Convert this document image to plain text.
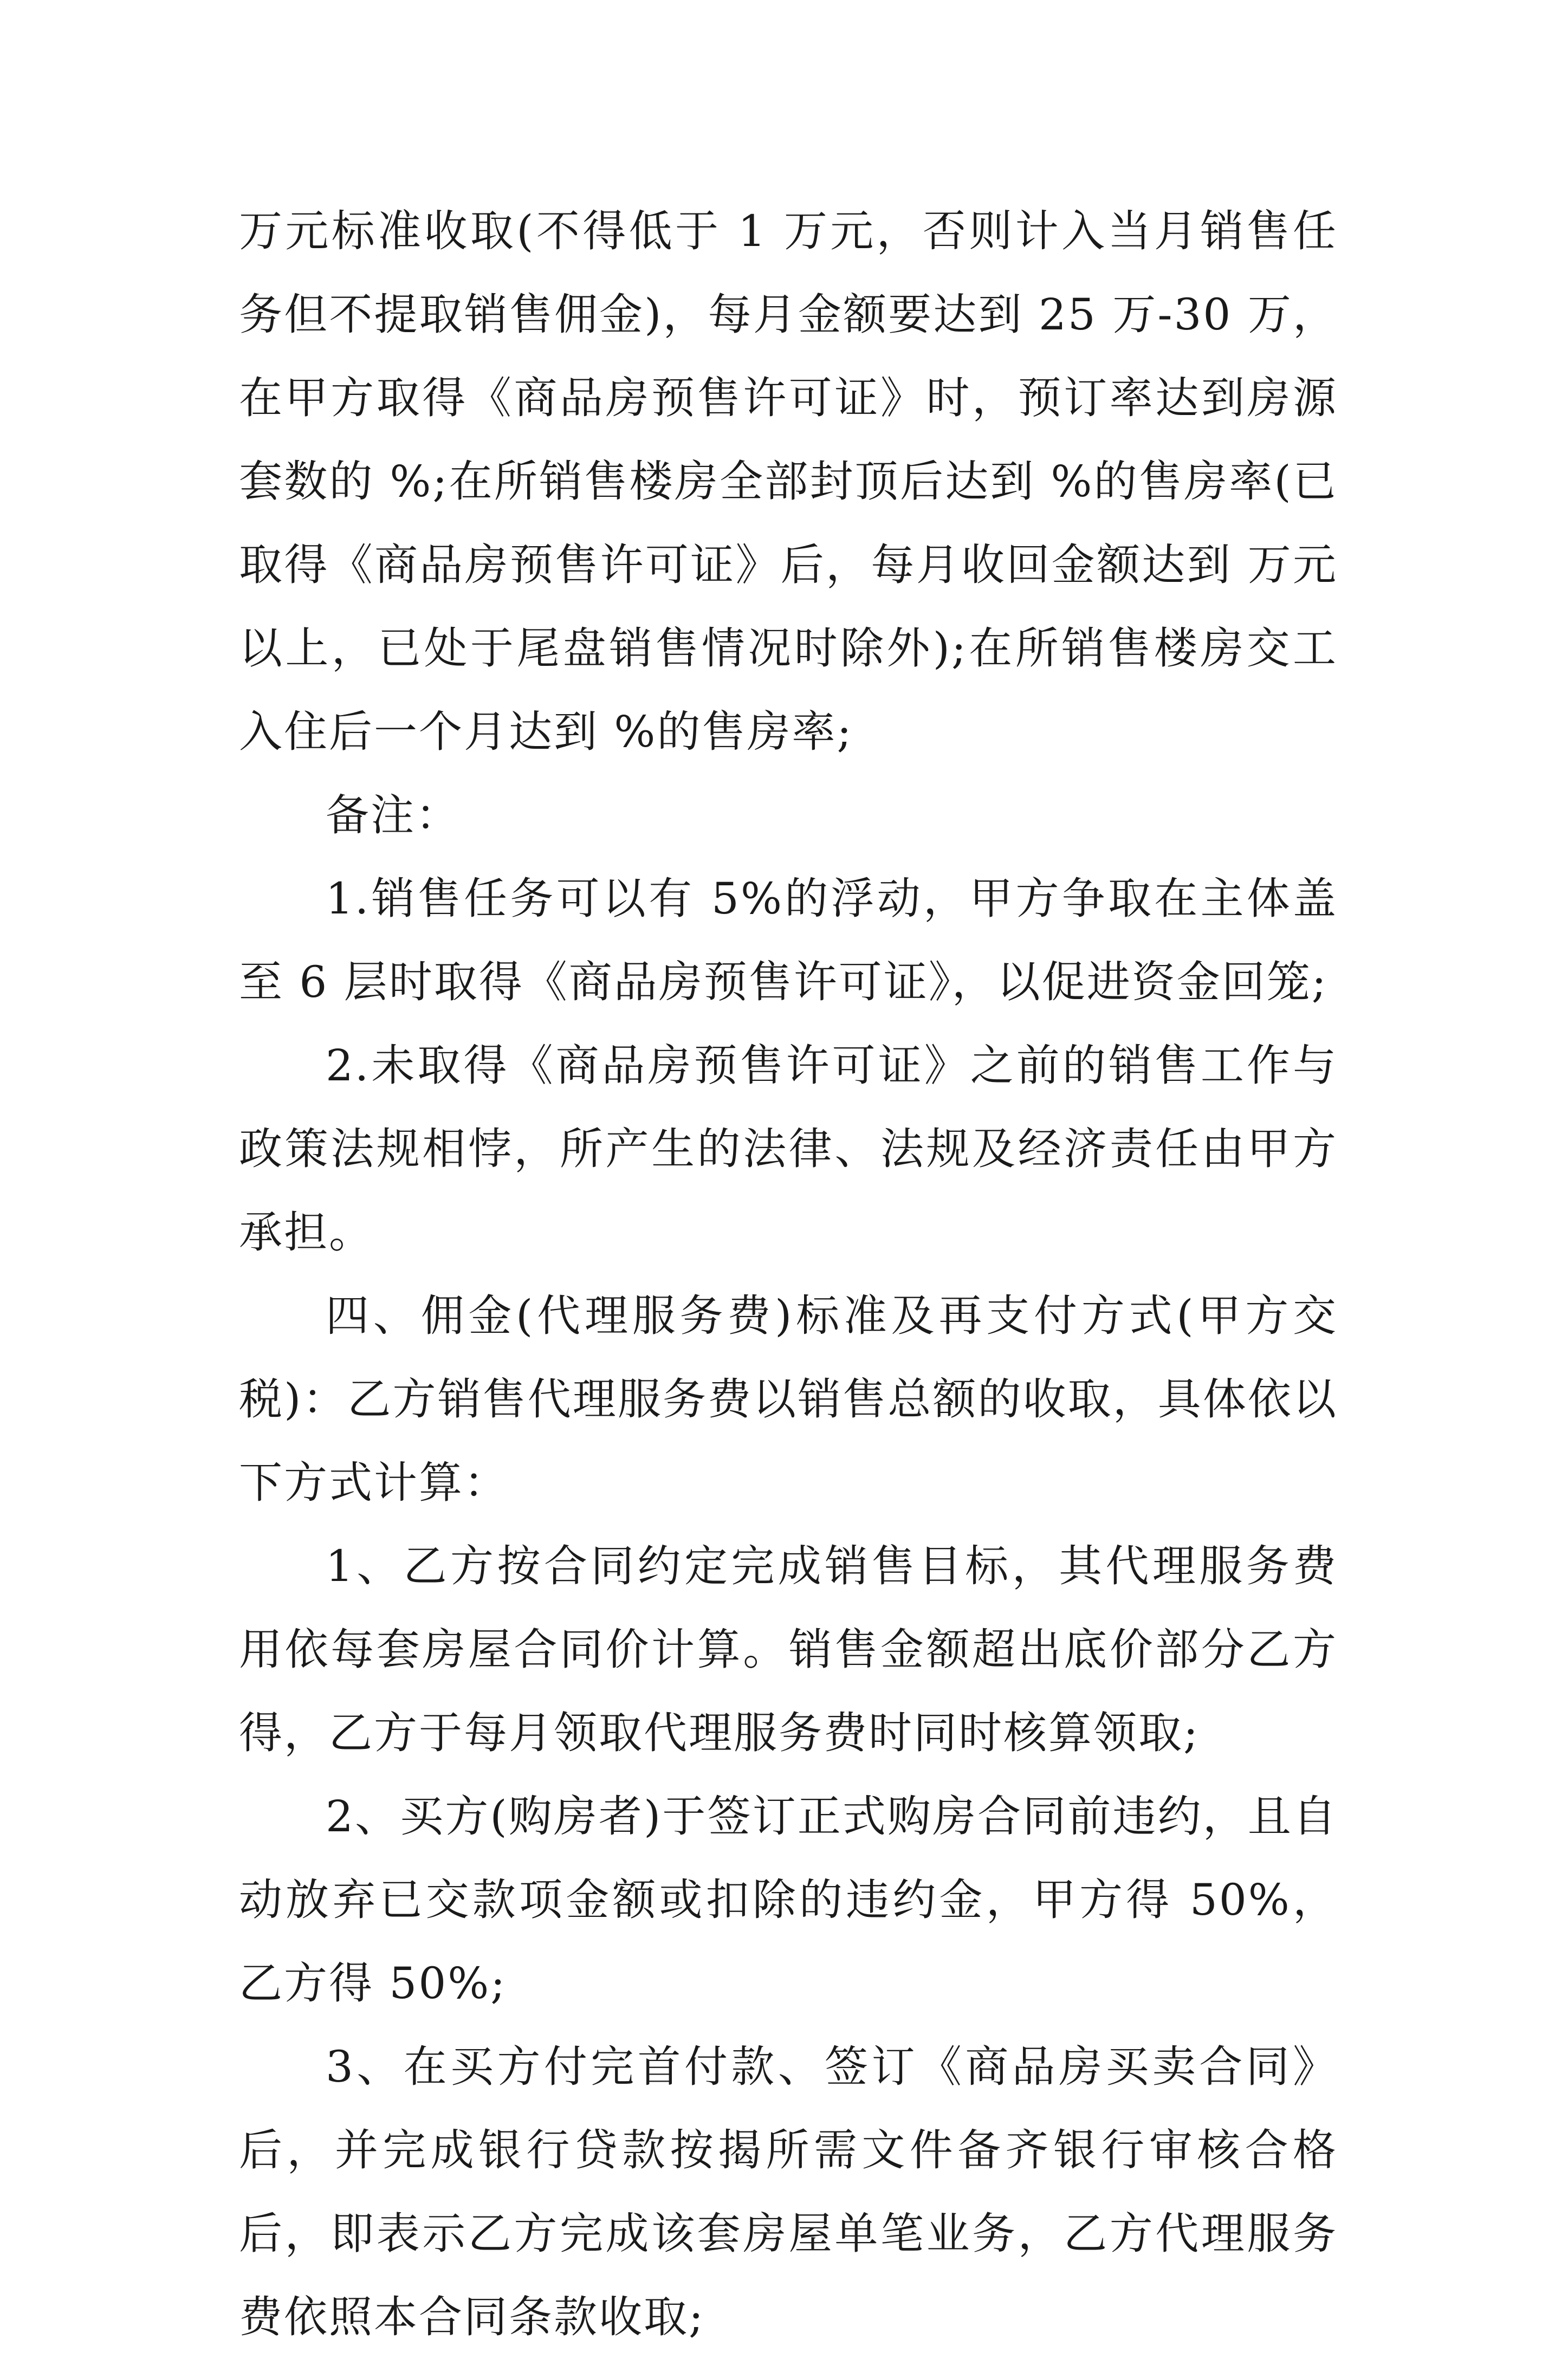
万元标准收取(不得低于 1 万元，否则计入当月销售任务但不提取销售佣金)，每月金额要达到 25 万-30 万，在甲方取得《商品房预售许可证》时，预订率达到房源套数的 %;在所销售楼房全部封顶后达到 %的售房率(已取得《商品房预售许可证》后，每月收回金额达到 万元以上，已处于尾盘销售情况时除外);在所销售楼房交工入住后一个月达到 %的售房率;

备注：

1.销售任务可以有 5%的浮动，甲方争取在主体盖至 6 层时取得《商品房预售许可证》，以促进资金回笼;

2.未取得《商品房预售许可证》之前的销售工作与政策法规相悖，所产生的法律、法规及经济责任由甲方承担。

四、佣金(代理服务费)标准及再支付方式(甲方交税)：乙方销售代理服务费以销售总额的收取，具体依以下方式计算：

1、乙方按合同约定完成销售目标，其代理服务费用依每套房屋合同价计算。销售金额超出底价部分乙方得，乙方于每月领取代理服务费时同时核算领取;

2、买方(购房者)于签订正式购房合同前违约，且自动放弃已交款项金额或扣除的违约金，甲方得 50%，乙方得 50%;

3、在买方付完首付款、签订《商品房买卖合同》后，并完成银行贷款按揭所需文件备齐银行审核合格后，即表示乙方完成该套房屋单笔业务，乙方代理服务费依照本合同条款收取;
